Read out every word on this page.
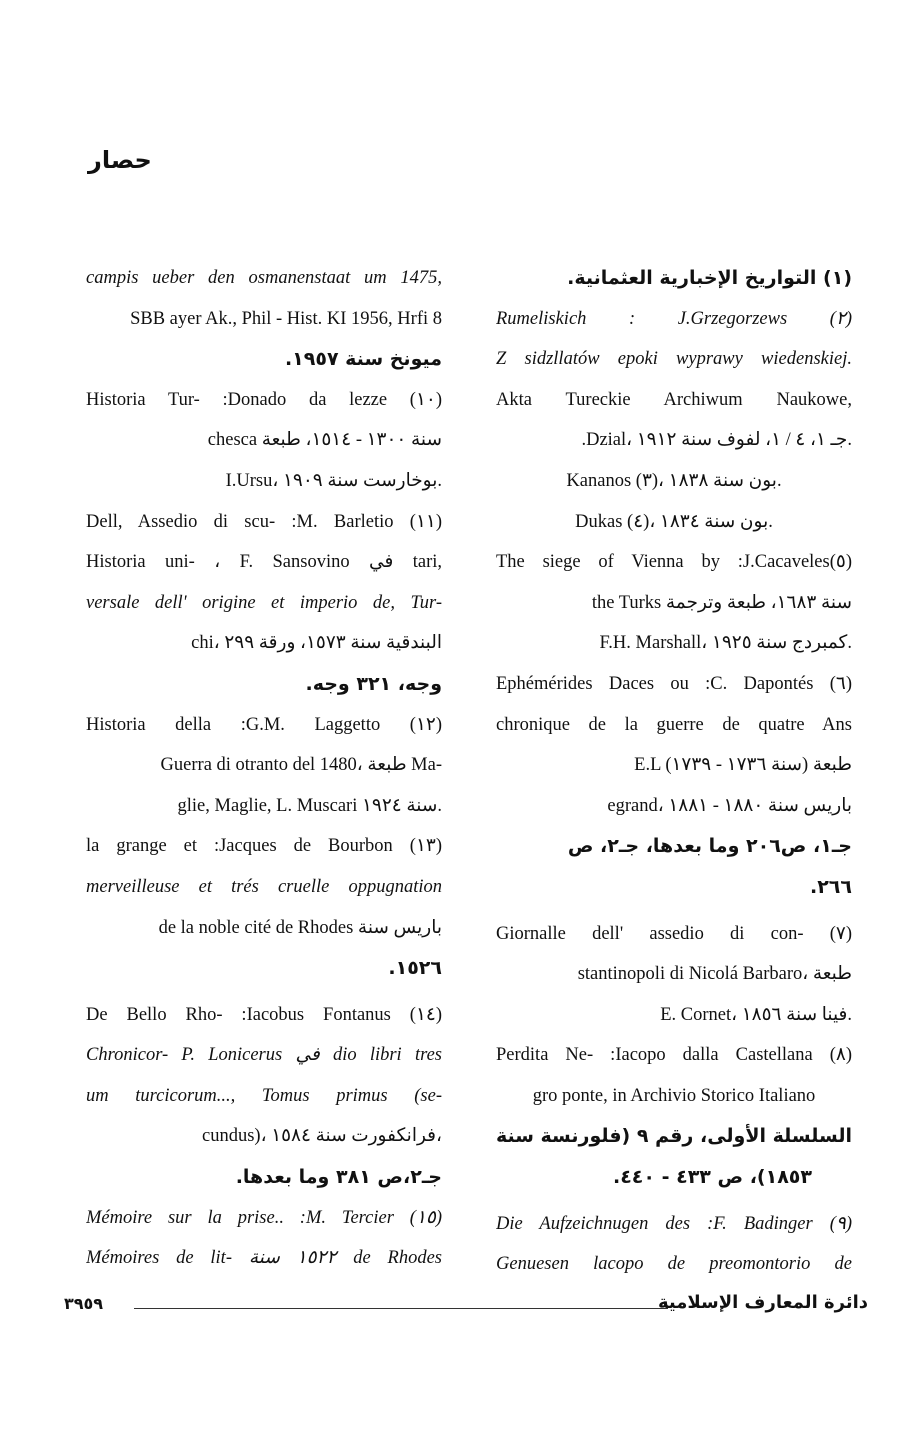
حصار
(١) التواريخ الإخبارية العثمانية.
Rumeliskich : J.Grzegorzews (٢)
Z sidzllatów epoki wyprawy wiedenskiej.
Akta Tureckie Archiwum Naukowe,
.Dzial، جـ ١، ٤ / ١، لفوف سنة ١٩١٢.
Kananos (٣)، بون سنة ١٨٣٨.
Dukas (٤)، بون سنة ١٨٣٤.
The siege of Vienna by :J.Cacaveles(٥)
the Turks سنة ١٦٨٣، طبعة وترجمة
F.H. Marshall، كمبردج سنة ١٩٢٥.
Ephémérides Daces ou :C. Dapontés (٦)
chronique de la guerre de quatre Ans
E.L (سنة ١٧٣٦ - ١٧٣٩) طبعة
egrand، باريس سنة ١٨٨٠ - ١٨٨١
جـ١، ص٢٠٦ وما بعدها، جـ٢، ص
٢٦٦.
Giornalle dell' assedio di con- (٧)
stantinopoli di Nicolá Barbaro، طبعة
E. Cornet، فينا سنة ١٨٥٦.
Perdita Ne- :Iacopo dalla Castellana (٨)
gro ponte, in Archivio Storico Italiano
السلسلة الأولى، رقم ٩ (فلورنسة سنة
١٨٥٣)، ص ٤٣٣ - ٤٤٠.
Die Aufzeichnugen des :F. Badinger (٩)
Genuesen lacopo de preomontorio de
campis ueber den osmanenstaat um 1475,
SBB ayer Ak., Phil - Hist. KI 1956, Hrfi 8
ميونخ سنة ١٩٥٧.
Historia Tur- :Donado da lezze (١٠)
chesca سنة ١٣٠٠ - ١٥١٤، طبعة
I.Ursu، بوخارست سنة ١٩٠٩.
Dell, Assedio di scu- :M. Barletio (١١)
Historia uni- ، F. Sansovino في tari,
versale dell' origine et imperio de, Tur-
chi، البندقية سنة ١٥٧٣، ورقة ٢٩٩
وجه، ٣٢١ وجه.
Historia della :G.M. Laggetto (١٢)
Guerra di otranto del 1480، طبعة Ma-
glie, Maglie, L. Muscari سنة ١٩٢٤.
la grange et :Jacques de Bourbon (١٣)
merveilleuse et trés cruelle oppugnation
de la noble cité de Rhodes باريس سنة
١٥٢٦.
De Bello Rho- :Iacobus Fontanus (١٤)
Chronicor- P. Lonicerus في dio libri tres
um turcicorum..., Tomus primus (se-
cundus)، فرانكفورت سنة ١٥٨٤،
جـ٢،ص ٣٨١ وما بعدها.
Mémoire sur la prise.. :M. Tercier (١٥)
Mémoires de lit- ١٥٢٢ سنة de Rhodes
٣٩٥٩	دائرة المعارف الإسلامية
